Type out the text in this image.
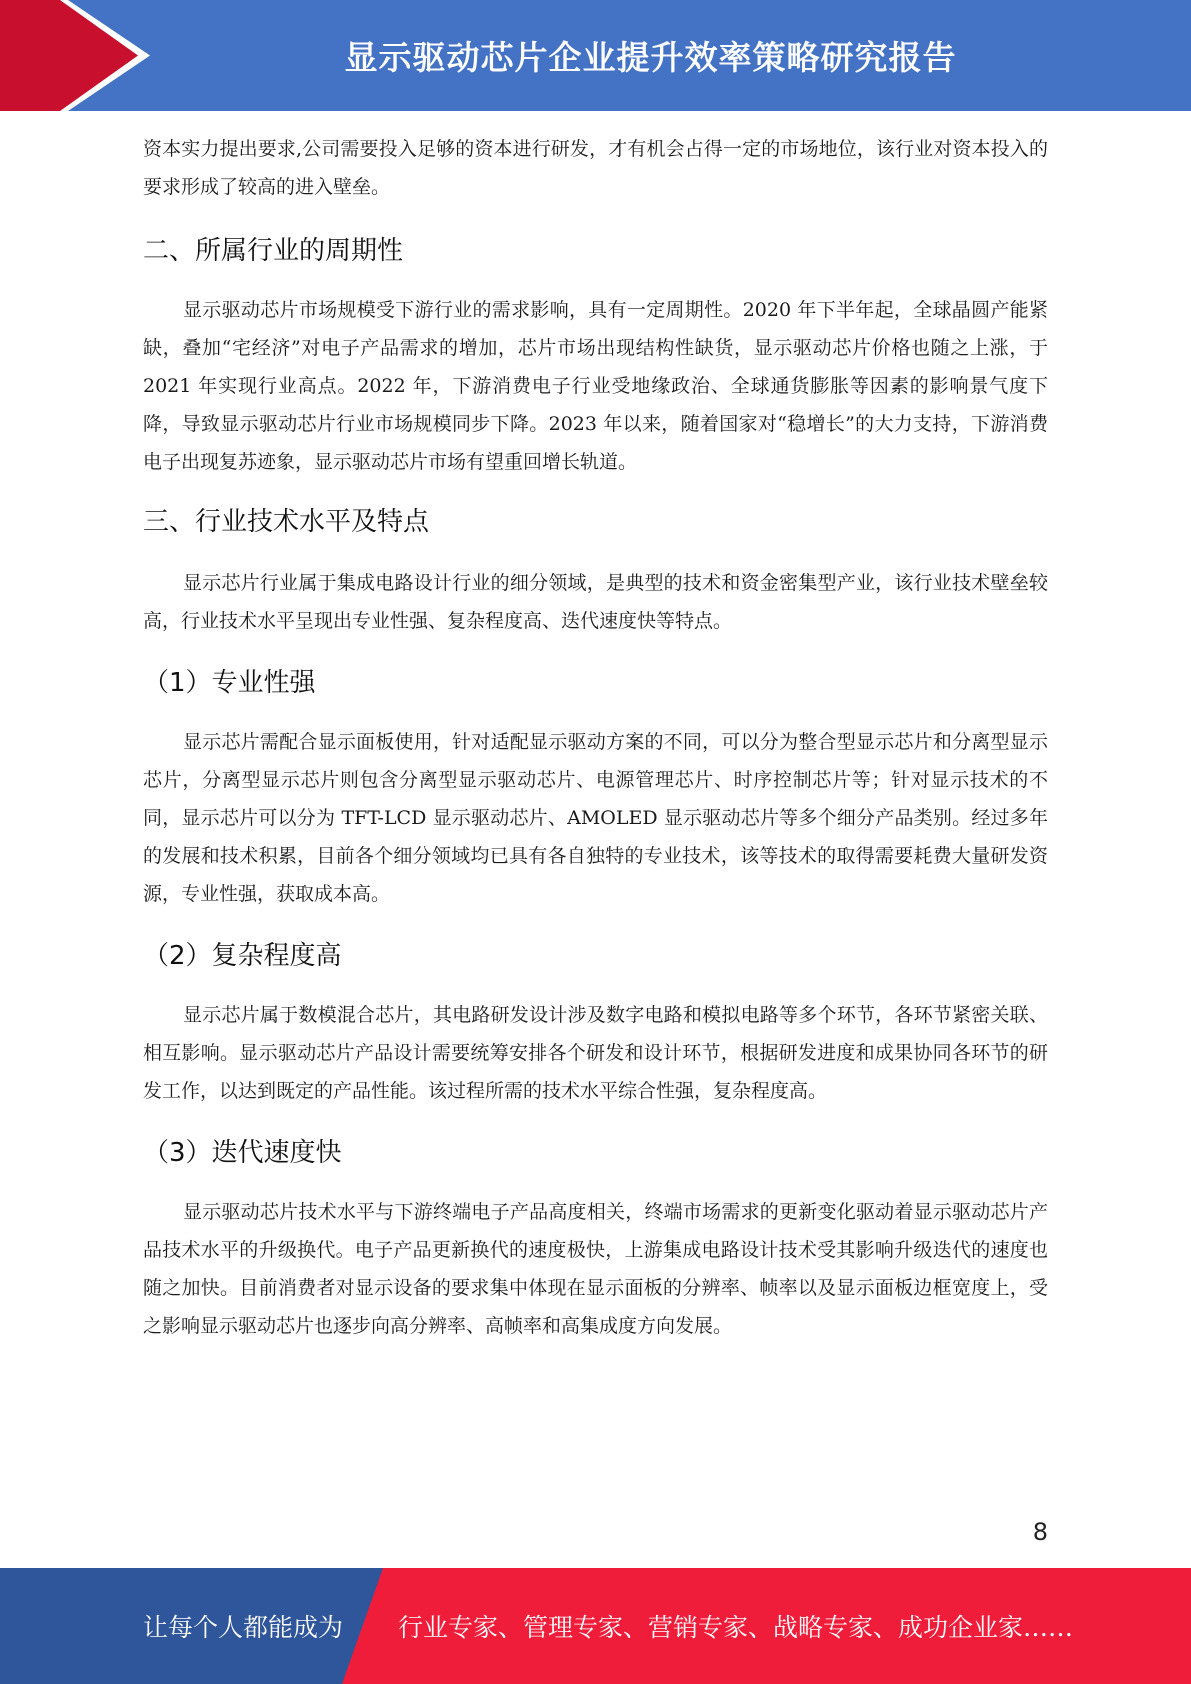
显示驱动芯片企业提升效率策略研究报告

资本实力提出要求,公司需要投入足够的资本进行研发，才有机会占得一定的市场地位，该行业对资本投入的要求形成了较高的进入壁垒。

二、所属行业的周期性

显示驱动芯片市场规模受下游行业的需求影响，具有一定周期性。2020 年下半年起，全球晶圆产能紧缺，叠加“宅经济”对电子产品需求的增加，芯片市场出现结构性缺货，显示驱动芯片价格也随之上涨，于 2021 年实现行业高点。2022 年，下游消费电子行业受地缘政治、全球通货膨胀等因素的影响景气度下降，导致显示驱动芯片行业市场规模同步下降。2023 年以来，随着国家对“稳增长”的大力支持，下游消费电子出现复苏迹象，显示驱动芯片市场有望重回增长轨道。

三、行业技术水平及特点

显示芯片行业属于集成电路设计行业的细分领域，是典型的技术和资金密集型产业，该行业技术壁垒较高，行业技术水平呈现出专业性强、复杂程度高、迭代速度快等特点。

（1）专业性强

显示芯片需配合显示面板使用，针对适配显示驱动方案的不同，可以分为整合型显示芯片和分离型显示芯片，分离型显示芯片则包含分离型显示驱动芯片、电源管理芯片、时序控制芯片等；针对显示技术的不同，显示芯片可以分为 TFT-LCD 显示驱动芯片、AMOLED 显示驱动芯片等多个细分产品类别。经过多年的发展和技术积累，目前各个细分领域均已具有各自独特的专业技术，该等技术的取得需要耗费大量研发资源，专业性强，获取成本高。

（2）复杂程度高

显示芯片属于数模混合芯片，其电路研发设计涉及数字电路和模拟电路等多个环节，各环节紧密关联、相互影响。显示驱动芯片产品设计需要统筹安排各个研发和设计环节，根据研发进度和成果协同各环节的研发工作，以达到既定的产品性能。该过程所需的技术水平综合性强，复杂程度高。

（3）迭代速度快

显示驱动芯片技术水平与下游终端电子产品高度相关，终端市场需求的更新变化驱动着显示驱动芯片产品技术水平的升级换代。电子产品更新换代的速度极快，上游集成电路设计技术受其影响升级迭代的速度也随之加快。目前消费者对显示设备的要求集中体现在显示面板的分辨率、帧率以及显示面板边框宽度上，受之影响显示驱动芯片也逐步向高分辨率、高帧率和高集成度方向发展。

8
让每个人都能成为 行业专家、管理专家、营销专家、战略专家、成功企业家……
